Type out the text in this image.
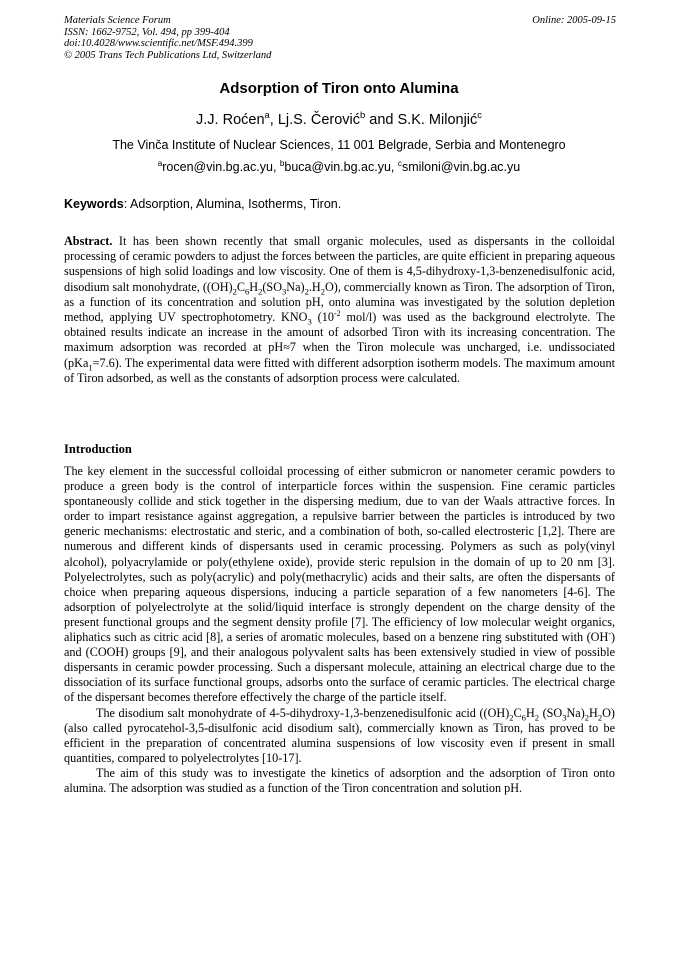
Materials Science Forum
ISSN: 1662-9752, Vol. 494, pp 399-404
doi:10.4028/www.scientific.net/MSF.494.399
© 2005 Trans Tech Publications Ltd, Switzerland
Online: 2005-09-15
Adsorption of Tiron onto Alumina
J.J. Roćen$^a$, Lj.S. Čerović$^b$ and S.K. Milonjić$^c$
The Vinča Institute of Nuclear Sciences, 11 001 Belgrade, Serbia and Montenegro
$^a$rocen@vin.bg.ac.yu, $^b$buca@vin.bg.ac.yu, $^c$smiloni@vin.bg.ac.yu
Keywords: Adsorption, Alumina, Isotherms, Tiron.
Abstract. It has been shown recently that small organic molecules, used as dispersants in the colloidal processing of ceramic powders to adjust the forces between the particles, are quite efficient in preparing aqueous suspensions of high solid loadings and low viscosity. One of them is 4,5-dihydroxy-1,3-benzenedisulfonic acid, disodium salt monohydrate, $((OH)_2C_6H_2(SO_3Na)_2.H_2O)$, commercially known as Tiron. The adsorption of Tiron, as a function of its concentration and solution pH, onto alumina was investigated by the solution depletion method, applying UV spectrophotometry. $KNO_3$ ($10^{-2}$ mol/l) was used as the background electrolyte. The obtained results indicate an increase in the amount of adsorbed Tiron with its increasing concentration. The maximum adsorption was recorded at pH≈7 when the Tiron molecule was uncharged, i.e. undissociated (pKa$_1$=7.6). The experimental data were fitted with different adsorption isotherm models. The maximum amount of Tiron adsorbed, as well as the constants of adsorption process were calculated.
Introduction

The key element in the successful colloidal processing of either submicron or nanometer ceramic powders to produce a green body is the control of interparticle forces within the suspension. Fine ceramic particles spontaneously collide and stick together in the dispersing medium, due to van der Waals attractive forces. In order to impart resistance against aggregation, a repulsive barrier between the particles is introduced by two generic mechanisms: electrostatic and steric, and a combination of both, so-called electrosteric [1,2]. There are numerous and different kinds of dispersants used in ceramic processing. Polymers as such as poly(vinyl alcohol), polyacrylamide or poly(ethylene oxide), provide steric repulsion in the domain of up to 20 nm [3]. Polyelectrolytes, such as poly(acrylic) and poly(methacrylic) acids and their salts, are often the dispersants of choice when preparing aqueous dispersions, inducing a particle separation of a few nanometers [4-6]. The adsorption of polyelectrolyte at the solid/liquid interface is strongly dependent on the charge density of the present functional groups and the segment density profile [7]. The efficiency of low molecular weight organics, aliphatics such as citric acid [8], a series of aromatic molecules, based on a benzene ring substituted with (OH-) and (COOH) groups [9], and their analogous polyvalent salts has been extensively studied in view of possible dispersants in ceramic powder processing. Such a dispersant molecule, attaining an electrical charge due to the dissociation of its surface functional groups, adsorbs onto the surface of ceramic particles. The electrical charge of the dispersant becomes therefore effectively the charge of the particle itself.

The disodium salt monohydrate of 4-5-dihydroxy-1,3-benzenedisulfonic acid ($(OH)_2C_6H_2$ $(SO_3Na)_2H_2O$) (also called pyrocatehol-3,5-disulfonic acid disodium salt), commercially known as Tiron, has proved to be efficient in the preparation of concentrated alumina suspensions of low viscosity even if present in small quantities, compared to polyelectrolytes [10-17].

The aim of this study was to investigate the kinetics of adsorption and the adsorption of Tiron onto alumina. The adsorption was studied as a function of the Tiron concentration and solution pH.
